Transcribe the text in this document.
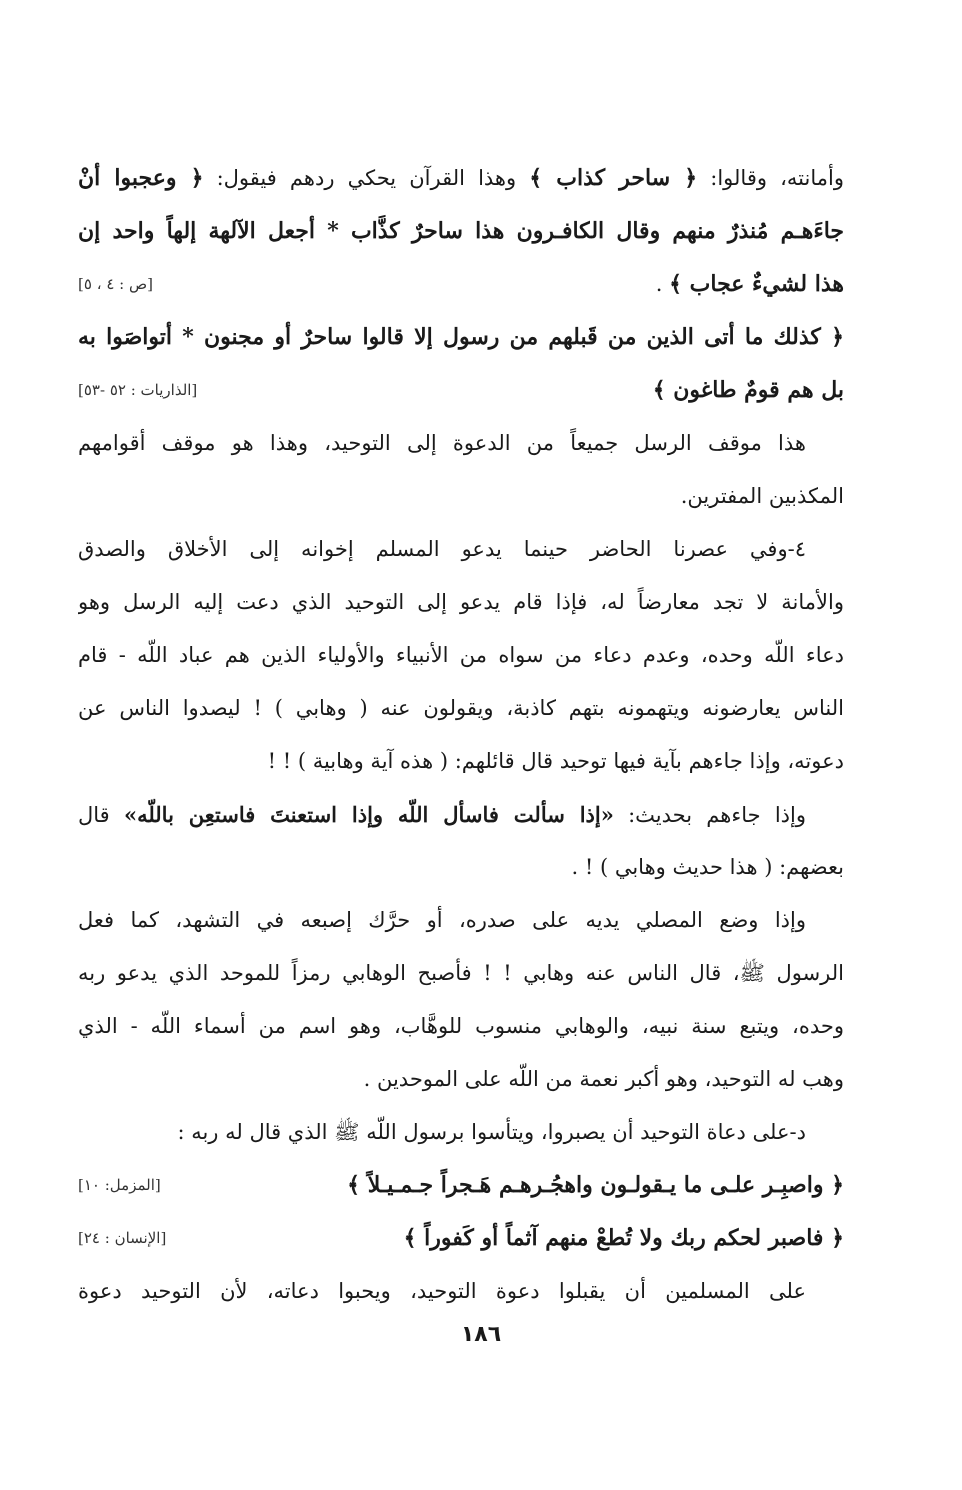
وأمانته، وقالوا: ﴿ ساحر كذاب ﴾ وهذا القرآن يحكي ردهم فيقول: ﴿ وعجبوا أنْ
جاءَهـم مُنذرٌ منهم وقال الكافـرون هذا ساحرٌ كذَّاب * أجعل الآلهة إلهاً واحد إن
هذا لشيءٌ عجاب ﴾ .
[ص : ٤ ، ٥]
﴿ كذلك ما أتى الذين من قَبلهم من رسول إلا قالوا ساحرٌ أو مجنون * أتواصَوا به
بل هم قومٌ طاغون ﴾
[الذاريات : ٥٢ -٥٣]
هذا موقف الرسل جميعاً من الدعوة إلى التوحيد، وهذا هو موقف أقوامهم
المكذبين المفترين.
٤-وفي عصرنا الحاضر حينما يدعو المسلم إخوانه إلى الأخلاق والصدق
والأمانة لا تجد معارضاً له، فإذا قام يدعو إلى التوحيد الذي دعت إليه الرسل وهو
دعاء اللّه وحده، وعدم دعاء من سواه من الأنبياء والأولياء الذين هم عباد اللّه - قام
الناس يعارضونه ويتهمونه بتهم كاذبة، ويقولون عنه ( وهابي ) ! ليصدوا الناس عن
دعوته، وإذا جاءهم بآية فيها توحيد قال قائلهم: ( هذه آية وهابية ) ! !
وإذا جاءهم بحديث: «إذا سألت فاسأل اللّه وإذا استعنتَ فاستعِن باللّه» قال
بعضهم: ( هذا حديث وهابي ) ! .
وإذا وضع المصلي يديه على صدره، أو حرَّك إصبعه في التشهد، كما فعل
الرسول ﷺ، قال الناس عنه وهابي ! ! فأصبح الوهابي رمزاً للموحد الذي يدعو ربه
وحده، ويتبع سنة نبيه، والوهابي منسوب للوهَّاب، وهو اسم من أسماء اللّه - الذي
وهب له التوحيد، وهو أكبر نعمة من اللّه على الموحدين .
د-على دعاة التوحيد أن يصبروا، ويتأسوا برسول اللّه ﷺ الذي قال له ربه :
﴿ واصبِـر علـى ما يـقولـون واهجُـرهـم هَـجراً جـمـيـلاً ﴾
[المزمل: ١٠]
﴿ فاصبر لحكم ربك ولا تُطعْ منهم آثماً أو كَفوراً ﴾
[الإنسان : ٢٤]
على المسلمين أن يقبلوا دعوة التوحيد، ويحبوا دعاته، لأن التوحيد دعوة
١٨٦
